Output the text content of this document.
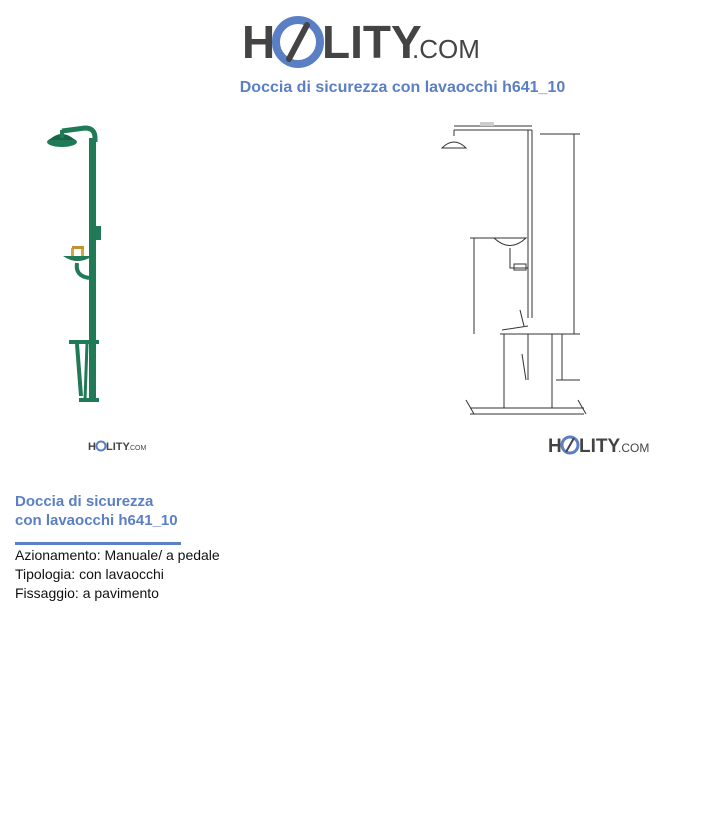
H LITY
.COM
Doccia di sicurezza con lavaocchi h641_10
H LITY
.COM	H LITY
.COM
Doccia di sicurezza
con lavaocchi h641_10
Azionamento: Manuale/ a pedale
Tipologia: con lavaocchi
Fissaggio: a pavimento
